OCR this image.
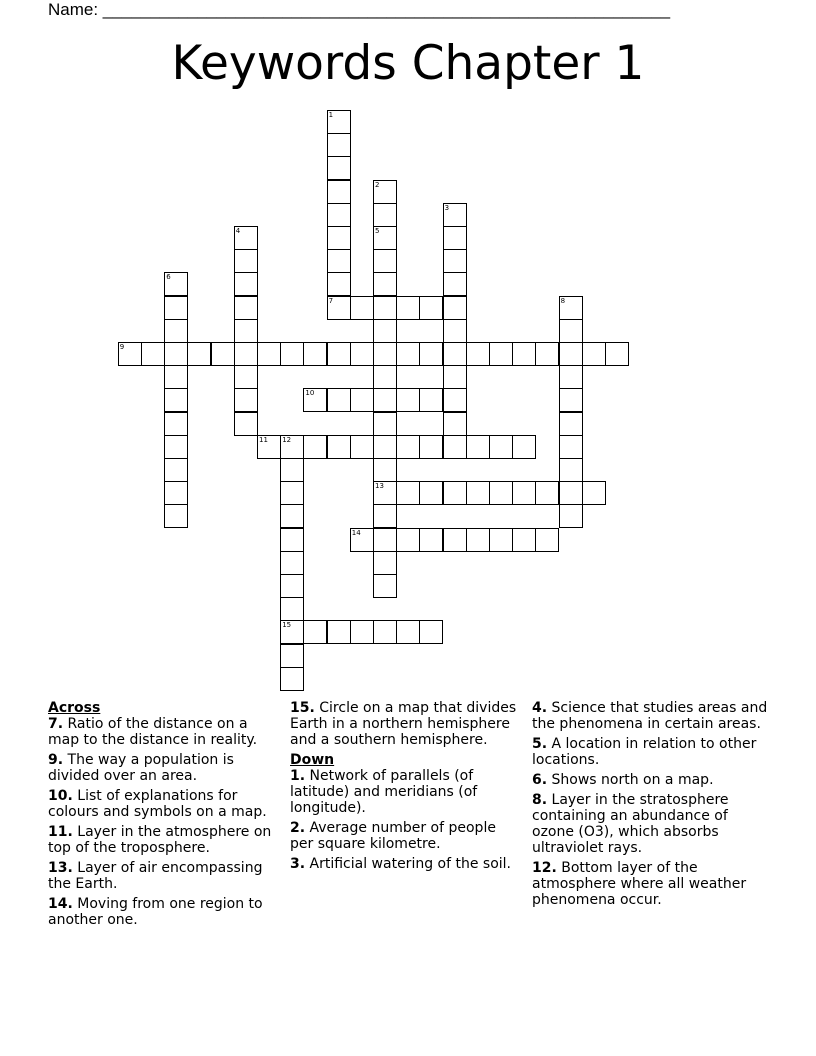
Name: ____________________________________________________________
Keywords Chapter 1
1
7
2
5
13
3
4
6
8
9
10
11 12
15
14
Across
7. Ratio of the distance on a map to the distance in reality.
9. The way a population is divided over an area.
10. List of explanations for colours and symbols on a map.
11. Layer in the atmosphere on top of the troposphere.
13. Layer of air encompassing the Earth.
14. Moving from one region to another one.
15. Circle on a map that divides Earth in a northern hemisphere and a southern hemisphere.
Down
1. Network of parallels (of latitude) and meridians (of longitude).
2. Average number of people per square kilometre.
3. Artificial watering of the soil.
4. Science that studies areas and the phenomena in certain areas.
5. A location in relation to other locations.
6. Shows north on a map.
8. Layer in the stratosphere containing an abundance of ozone (O3), which absorbs ultraviolet rays.
12. Bottom layer of the atmosphere where all weather phenomena occur.
